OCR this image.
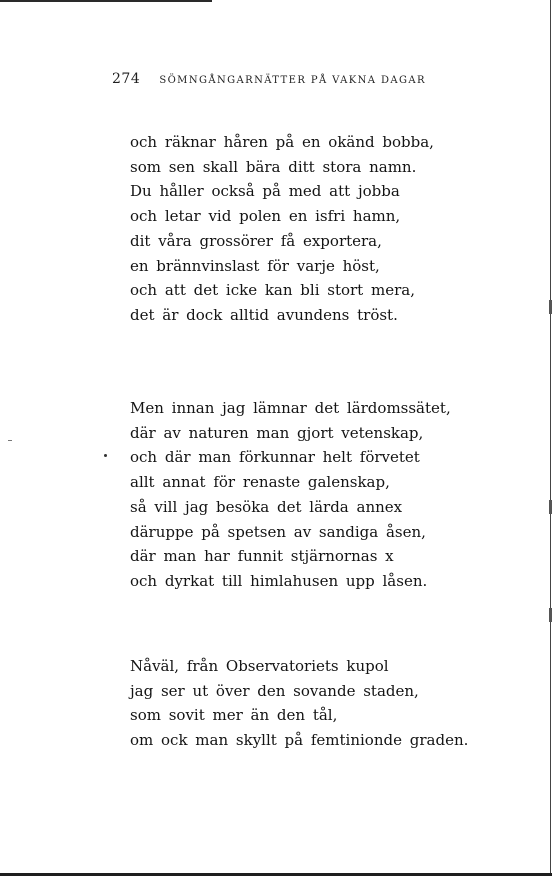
274 SÖMNGÅNGARNÄTTER PÅ VAKNA DAGAR
och räknar håren på en okänd bobba,
som sen skall bära ditt stora namn.
Du håller också på med att jobba
och letar vid polen en isfri hamn,
dit våra grossörer få exportera,
en brännvinslast för varje höst,
och att det icke kan bli stort mera,
det är dock alltid avundens tröst.
Men innan jag lämnar det lärdomssätet,
där av naturen man gjort vetenskap,
och där man förkunnar helt förvetet
allt annat för renaste galenskap,
så vill jag besöka det lärda annex
däruppe på spetsen av sandiga åsen,
där man har funnit stjärnornas x
och dyrkat till himlahusen upp låsen.
Nåväl, från Observatoriets kupol
jag ser ut över den sovande staden,
som sovit mer än den tål,
om ock man skyllt på femtinionde graden.
